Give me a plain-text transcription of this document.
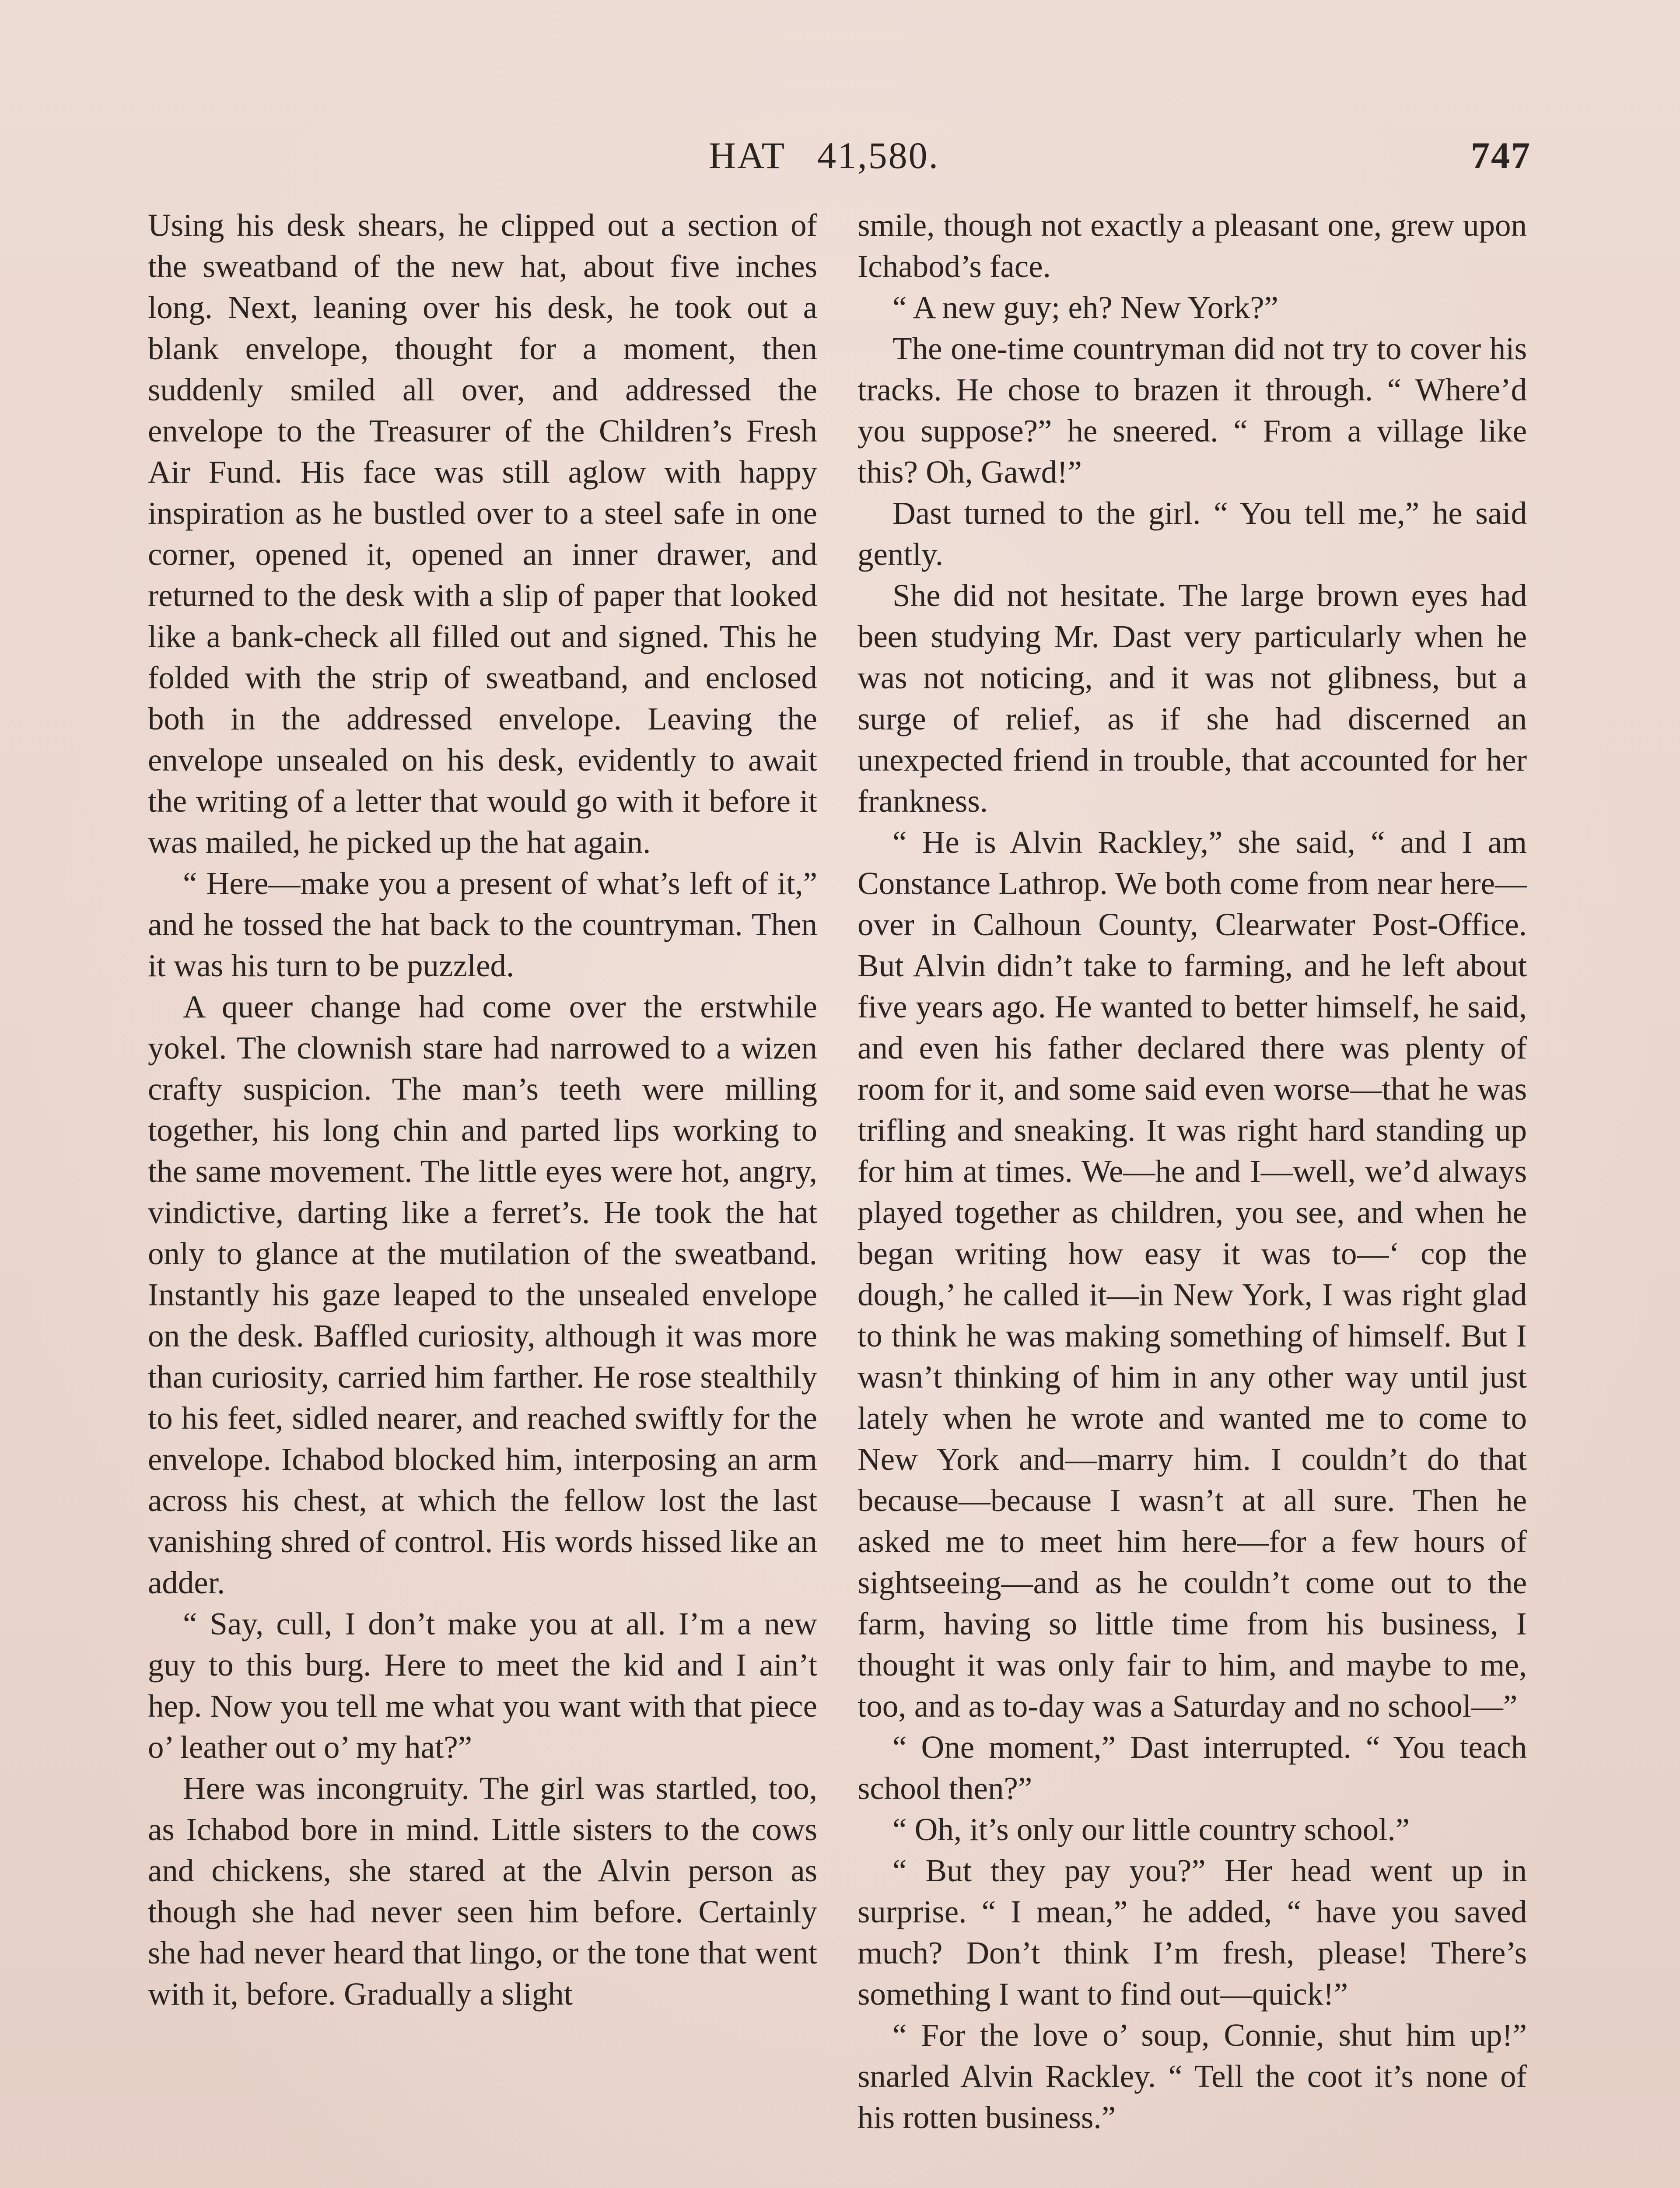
HAT   41,580.	747

Using his desk shears, he clipped out a section of the sweatband of the new hat, about five inches long. Next, leaning over his desk, he took out a blank envelope, thought for a moment, then suddenly smiled all over, and addressed the envelope to the Treasurer of the Children’s Fresh Air Fund. His face was still aglow with happy inspiration as he bustled over to a steel safe in one corner, opened it, opened an inner drawer, and returned to the desk with a slip of paper that looked like a bank-check all filled out and signed. This he folded with the strip of sweatband, and enclosed both in the addressed envelope. Leaving the envelope unsealed on his desk, evidently to await the writing of a letter that would go with it before it was mailed, he picked up the hat again.

“ Here—make you a present of what’s left of it,” and he tossed the hat back to the countryman. Then it was his turn to be puzzled.

A queer change had come over the erstwhile yokel. The clownish stare had narrowed to a wizen crafty suspicion. The man’s teeth were milling together, his long chin and parted lips working to the same movement. The little eyes were hot, angry, vindictive, darting like a ferret’s. He took the hat only to glance at the mutilation of the sweatband. Instantly his gaze leaped to the unsealed envelope on the desk. Baffled curiosity, although it was more than curiosity, carried him farther. He rose stealthily to his feet, sidled nearer, and reached swiftly for the envelope. Ichabod blocked him, interposing an arm across his chest, at which the fellow lost the last vanishing shred of control. His words hissed like an adder.

“ Say, cull, I don’t make you at all. I’m a new guy to this burg. Here to meet the kid and I ain’t hep. Now you tell me what you want with that piece o’ leather out o’ my hat?”

Here was incongruity. The girl was startled, too, as Ichabod bore in mind. Little sisters to the cows and chickens, she stared at the Alvin person as though she had never seen him before. Certainly she had never heard that lingo, or the tone that went with it, before. Gradually a slight

smile, though not exactly a pleasant one, grew upon Ichabod’s face.

“ A new guy; eh? New York?”

The one-time countryman did not try to cover his tracks. He chose to brazen it through. “ Where’d you suppose?” he sneered. “ From a village like this? Oh, Gawd!”

Dast turned to the girl. “ You tell me,” he said gently.

She did not hesitate. The large brown eyes had been studying Mr. Dast very particularly when he was not noticing, and it was not glibness, but a surge of relief, as if she had discerned an unexpected friend in trouble, that accounted for her frankness.

“ He is Alvin Rackley,” she said, “ and I am Constance Lathrop. We both come from near here—over in Calhoun County, Clearwater Post-Office. But Alvin didn’t take to farming, and he left about five years ago. He wanted to better himself, he said, and even his father declared there was plenty of room for it, and some said even worse—that he was trifling and sneaking. It was right hard standing up for him at times. We—he and I—well, we’d always played together as children, you see, and when he began writing how easy it was to—‘ cop the dough,’ he called it—in New York, I was right glad to think he was making something of himself. But I wasn’t thinking of him in any other way until just lately when he wrote and wanted me to come to New York and—marry him. I couldn’t do that because—because I wasn’t at all sure. Then he asked me to meet him here—for a few hours of sightseeing—and as he couldn’t come out to the farm, having so little time from his business, I thought it was only fair to him, and maybe to me, too, and as to-day was a Saturday and no school—”

“ One moment,” Dast interrupted. “ You teach school then?”

“ Oh, it’s only our little country school.”

“ But they pay you?” Her head went up in surprise. “ I mean,” he added, “ have you saved much? Don’t think I’m fresh, please! There’s something I want to find out—quick!”

“ For the love o’ soup, Connie, shut him up!” snarled Alvin Rackley. “ Tell the coot it’s none of his rotten business.”
